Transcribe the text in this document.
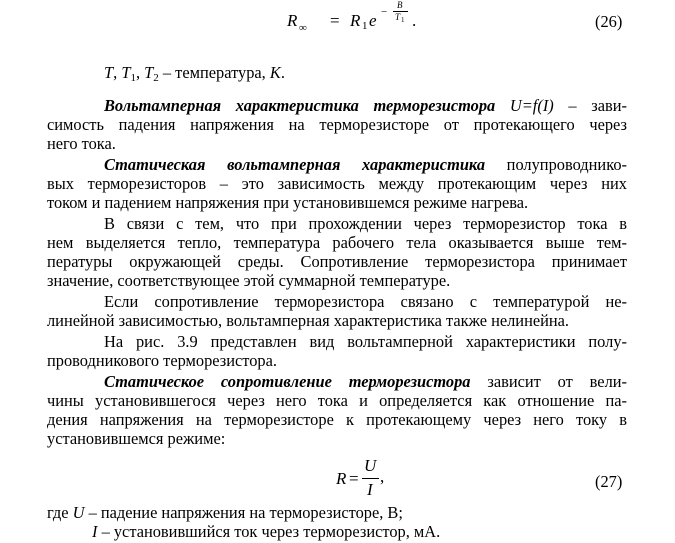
R ∞ = R 1 e −
B
T 1 .	(26)
T, $T_1$, $T_2$ – температура, K.
Вольтамперная характеристика терморезистора U=f(I) – зави-
симость падения напряжения на терморезисторе от протекающего через
него тока.
Статическая вольтамперная характеристика полупроводнико-
вых терморезисторов – это зависимость между протекающим через них
током и падением напряжения при установившемся режиме нагрева.
В связи с тем, что при прохождении через терморезистор тока в
нем выделяется тепло, температура рабочего тела оказывается выше тем-
пературы окружающей среды. Сопротивление терморезистора принимает
значение, соответствующее этой суммарной температуре.
Если сопротивление терморезистора связано с температурой не-
линейной зависимостью, вольтамперная характеристика также нелинейна.
На рис. 3.9 представлен вид вольтамперной характеристики полу-
проводникового терморезистора.
Статическое сопротивление терморезистора зависит от вели-
чины установившегося через него тока и определяется как отношение па-
дения напряжения на терморезисторе к протекающему через него току в
установившемся режиме:
R =
U
I
,	(27)
где U – падение напряжения на терморезисторе, В;
I – установившийся ток через терморезистор, мА.
